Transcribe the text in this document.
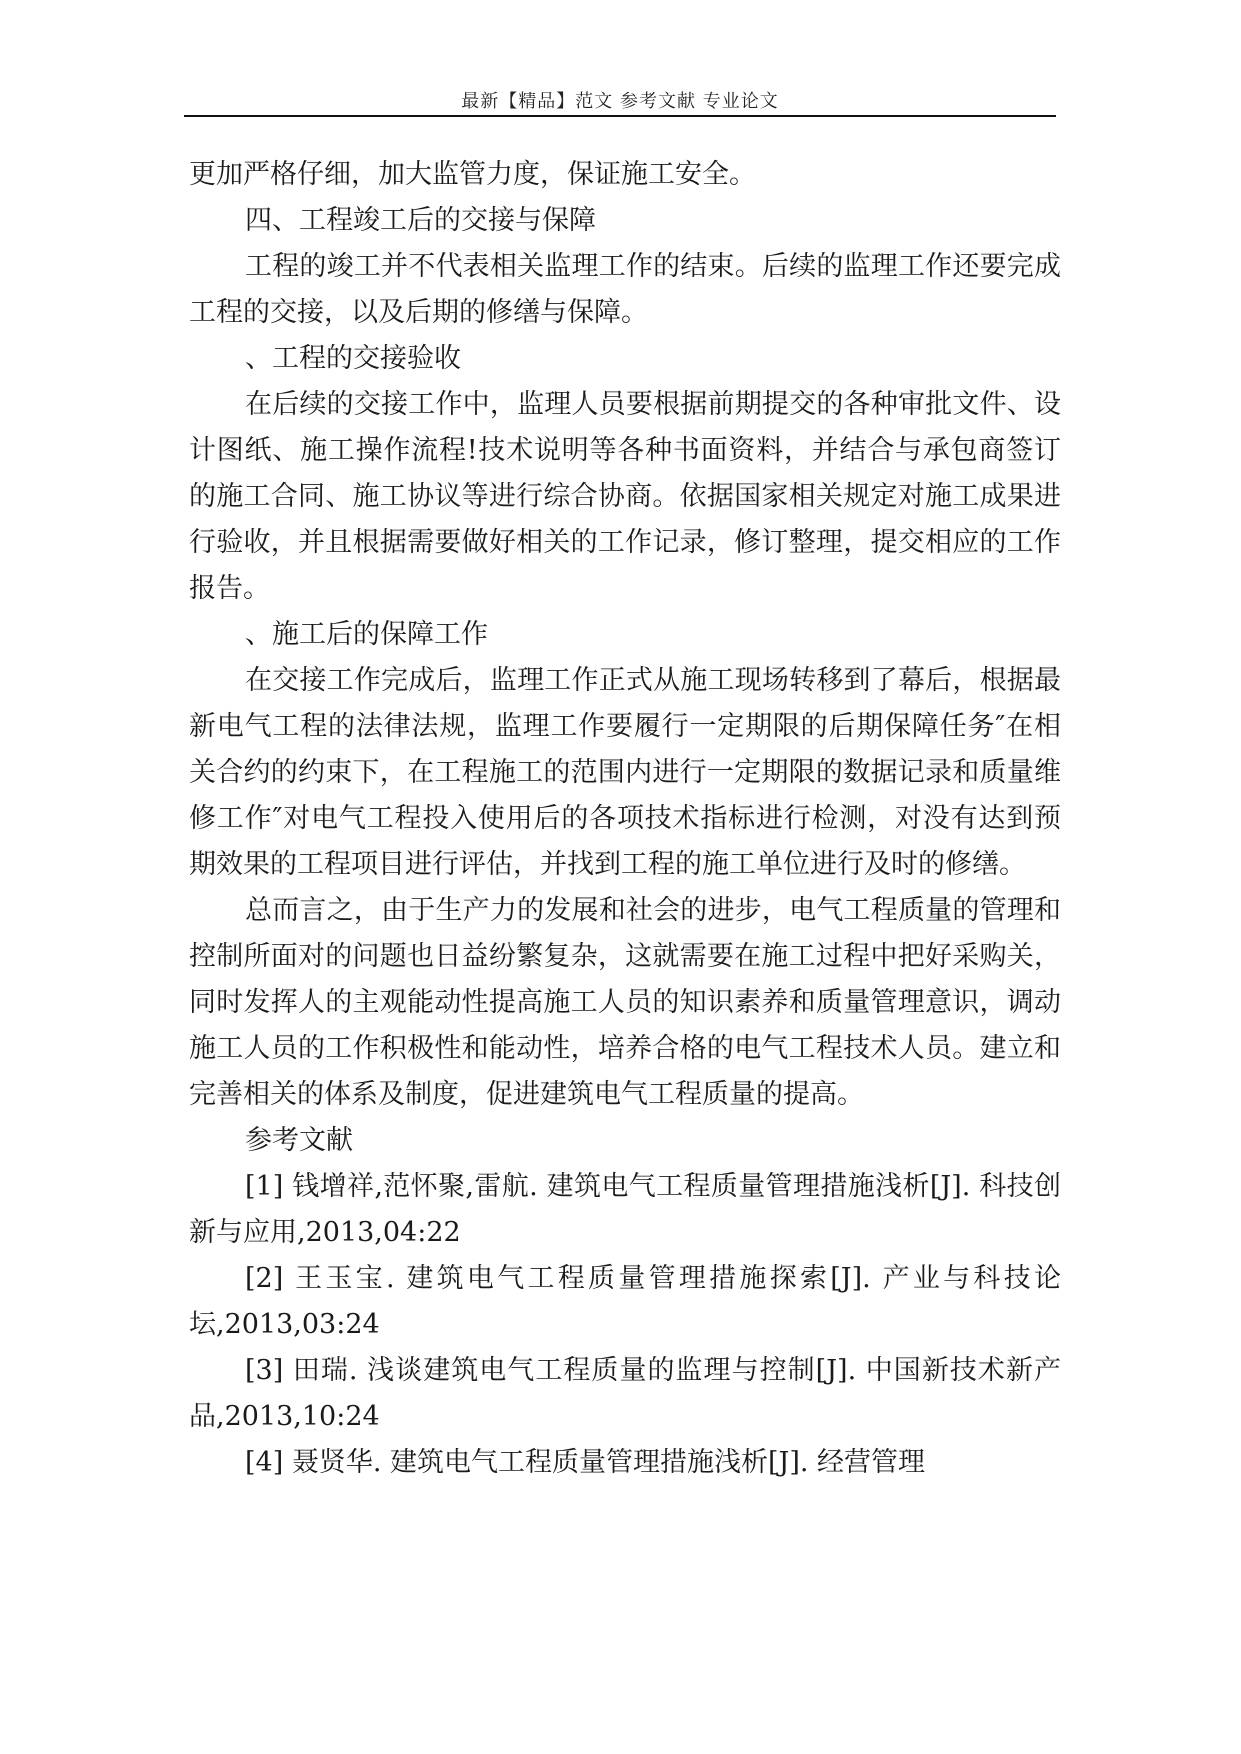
最新【精品】范文 参考文献 专业论文

更加严格仔细，加大监管力度，保证施工安全。

四、工程竣工后的交接与保障

工程的竣工并不代表相关监理工作的结束。后续的监理工作还要完成工程的交接，以及后期的修缮与保障。

、工程的交接验收

在后续的交接工作中，监理人员要根据前期提交的各种审批文件、设计图纸、施工操作流程!技术说明等各种书面资料，并结合与承包商签订的施工合同、施工协议等进行综合协商。依据国家相关规定对施工成果进行验收，并且根据需要做好相关的工作记录，修订整理，提交相应的工作报告。

、施工后的保障工作

在交接工作完成后，监理工作正式从施工现场转移到了幕后，根据最新电气工程的法律法规，监理工作要履行一定期限的后期保障任务″在相关合约的约束下，在工程施工的范围内进行一定期限的数据记录和质量维修工作″对电气工程投入使用后的各项技术指标进行检测，对没有达到预期效果的工程项目进行评估，并找到工程的施工单位进行及时的修缮。

总而言之，由于生产力的发展和社会的进步，电气工程质量的管理和控制所面对的问题也日益纷繁复杂，这就需要在施工过程中把好采购关，同时发挥人的主观能动性提高施工人员的知识素养和质量管理意识，调动施工人员的工作积极性和能动性，培养合格的电气工程技术人员。建立和完善相关的体系及制度，促进建筑电气工程质量的提高。

参考文献

[1] 钱增祥,范怀聚,雷航. 建筑电气工程质量管理措施浅析[J]. 科技创新与应用,2013,04:22

[2] 王玉宝. 建筑电气工程质量管理措施探索[J]. 产业与科技论坛,2013,03:24

[3] 田瑞. 浅谈建筑电气工程质量的监理与控制[J]. 中国新技术新产品,2013,10:24

[4] 聂贤华. 建筑电气工程质量管理措施浅析[J]. 经营管理
